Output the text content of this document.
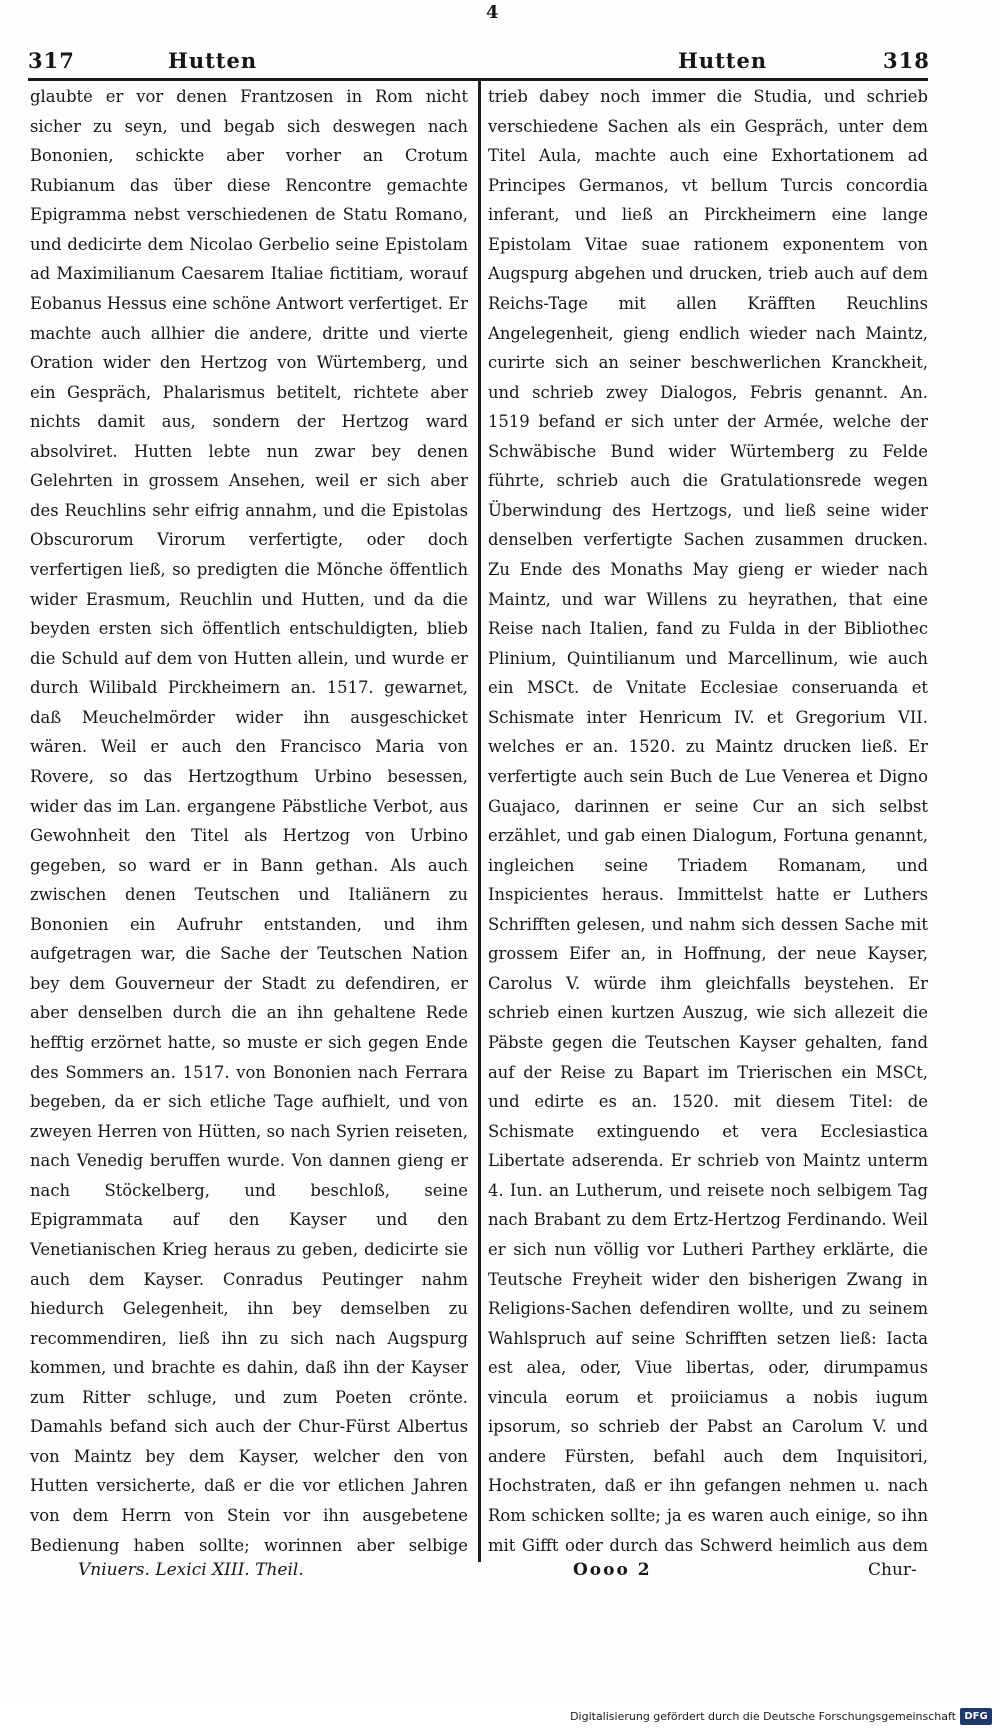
4
317	Hutten	Hutten	318

glaubte er vor denen Frantzosen in Rom nicht sicher zu seyn, und begab sich deswegen nach Bononien, schickte aber vorher an Crotum Rubianum das über diese Rencontre gemachte Epigramma nebst verschiedenen de Statu Romano, und dedicirte dem Nicolao Gerbelio seine Epistolam ad Maximilianum Caesarem Italiae fictitiam, worauf Eobanus Hessus eine schöne Antwort verfertiget. Er machte auch allhier die andere, dritte und vierte Oration wider den Hertzog von Würtemberg, und ein Gespräch, Phalarismus betitelt, richtete aber nichts damit aus, sondern der Hertzog ward absolviret. Hutten lebte nun zwar bey denen Gelehrten in grossem Ansehen, weil er sich aber des Reuchlins sehr eifrig annahm, und die Epistolas Obscurorum Virorum verfertigte, oder doch verfertigen ließ, so predigten die Mönche öffentlich wider Erasmum, Reuchlin und Hutten, und da die beyden ersten sich öffentlich entschuldigten, blieb die Schuld auf dem von Hutten allein, und wurde er durch Wilibald Pirckheimern an. 1517. gewarnet, daß Meuchelmörder wider ihn ausgeschicket wären. Weil er auch den Francisco Maria von Rovere, so das Hertzogthum Urbino besessen, wider das im Lan. ergangene Päbstliche Verbot, aus Gewohnheit den Titel als Hertzog von Urbino gegeben, so ward er in Bann gethan. Als auch zwischen denen Teutschen und Italiänern zu Bononien ein Aufruhr entstanden, und ihm aufgetragen war, die Sache der Teutschen Nation bey dem Gouverneur der Stadt zu defendiren, er aber denselben durch die an ihn gehaltene Rede hefftig erzörnet hatte, so muste er sich gegen Ende des Sommers an. 1517. von Bononien nach Ferrara begeben, da er sich etliche Tage aufhielt, und von zweyen Herren von Hütten, so nach Syrien reiseten, nach Venedig beruffen wurde. Von dannen gieng er nach Stöckelberg, und beschloß, seine Epigrammata auf den Kayser und den Venetianischen Krieg heraus zu geben, dedicirte sie auch dem Kayser. Conradus Peutinger nahm hiedurch Gelegenheit, ihn bey demselben zu recommendiren, ließ ihn zu sich nach Augspurg kommen, und brachte es dahin, daß ihn der Kayser zum Ritter schluge, und zum Poeten crönte. Damahls befand sich auch der Chur-Fürst Albertus von Maintz bey dem Kayser, welcher den von Hutten versicherte, daß er die vor etlichen Jahren von dem Herrn von Stein vor ihn ausgebetene Bedienung haben sollte; worinnen aber selbige

trieb dabey noch immer die Studia, und schrieb verschiedene Sachen als ein Gespräch, unter dem Titel Aula, machte auch eine Exhortationem ad Principes Germanos, vt bellum Turcis concordia inferant, und ließ an Pirckheimern eine lange Epistolam Vitae suae rationem exponentem von Augspurg abgehen und drucken, trieb auch auf dem Reichs-Tage mit allen Kräfften Reuchlins Angelegenheit, gieng endlich wieder nach Maintz, curirte sich an seiner beschwerlichen Kranckheit, und schrieb zwey Dialogos, Febris genannt. An. 1519 befand er sich unter der Armée, welche der Schwäbische Bund wider Würtemberg zu Felde führte, schrieb auch die Gratulationsrede wegen Überwindung des Hertzogs, und ließ seine wider denselben verfertigte Sachen zusammen drucken. Zu Ende des Monaths May gieng er wieder nach Maintz, und war Willens zu heyrathen, that eine Reise nach Italien, fand zu Fulda in der Bibliothec Plinium, Quintilianum und Marcellinum, wie auch ein MSCt. de Vnitate Ecclesiae conseruanda et Schismate inter Henricum IV. et Gregorium VII. welches er an. 1520. zu Maintz drucken ließ. Er verfertigte auch sein Buch de Lue Venerea et Digno Guajaco, darinnen er seine Cur an sich selbst erzählet, und gab einen Dialogum, Fortuna genannt, ingleichen seine Triadem Romanam, und Inspicientes heraus. Immittelst hatte er Luthers Schrifften gelesen, und nahm sich dessen Sache mit grossem Eifer an, in Hoffnung, der neue Kayser, Carolus V. würde ihm gleichfalls beystehen. Er schrieb einen kurtzen Auszug, wie sich allezeit die Päbste gegen die Teutschen Kayser gehalten, fand auf der Reise zu Bapart im Trierischen ein MSCt, und edirte es an. 1520. mit diesem Titel: de Schismate extinguendo et vera Ecclesiastica Libertate adserenda. Er schrieb von Maintz unterm 4. Iun. an Lutherum, und reisete noch selbigem Tag nach Brabant zu dem Ertz-Hertzog Ferdinando. Weil er sich nun völlig vor Lutheri Parthey erklärte, die Teutsche Freyheit wider den bisherigen Zwang in Religions-Sachen defendiren wollte, und zu seinem Wahlspruch auf seine Schrifften setzen ließ: Iacta est alea, oder, Viue libertas, oder, dirumpamus vincula eorum et proiiciamus a nobis iugum ipsorum, so schrieb der Pabst an Carolum V. und andere Fürsten, befahl auch dem Inquisitori, Hochstraten, daß er ihn gefangen nehmen u. nach Rom schicken sollte; ja es waren auch einige, so ihn mit Gifft oder durch das Schwerd heimlich aus dem

Vniuers. Lexici XIII. Theil.	Oooo 2	Chur-
Digitalisierung gefördert durch die Deutsche Forschungsgemeinschaft DFG
